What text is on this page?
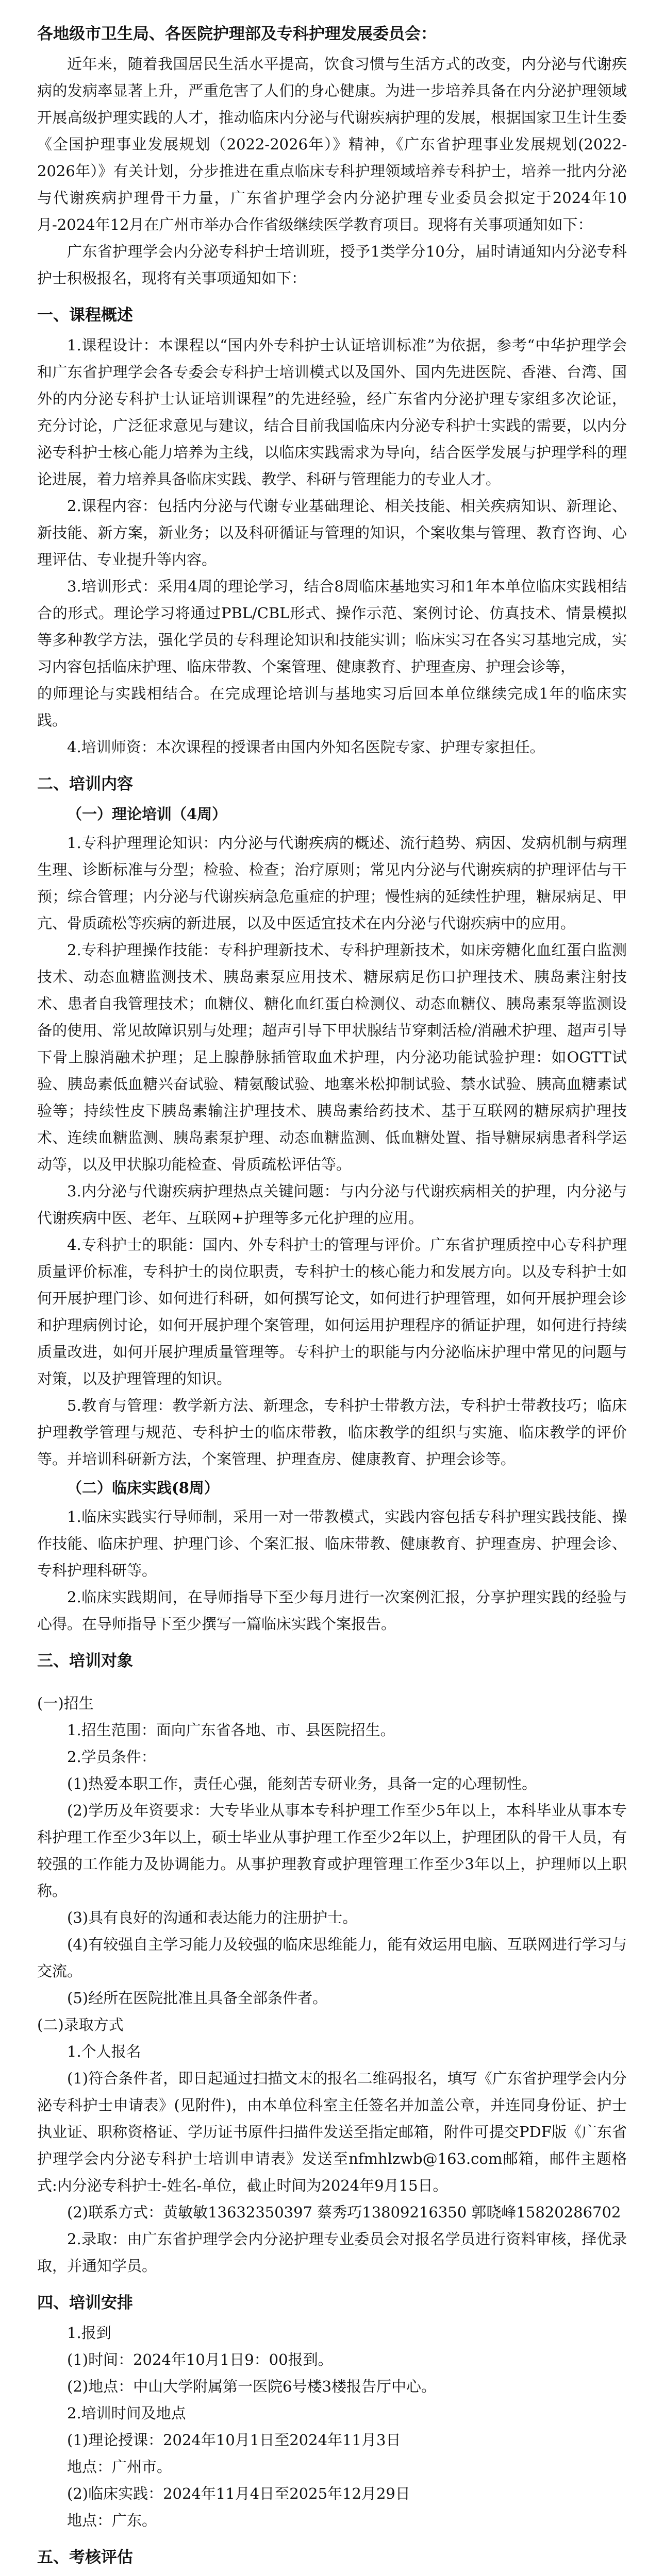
各地级市卫生局、各医院护理部及专科护理发展委员会：

近年来，随着我国居民生活水平提高，饮食习惯与生活方式的改变，内分泌与代谢疾病的发病率显著上升，严重危害了人们的身心健康。为进一步培养具备在内分泌护理领域开展高级护理实践的人才，推动临床内分泌与代谢疾病护理的发展，根据国家卫生计生委《全国护理事业发展规划（2022-2026年）》精神，《广东省护理事业发展规划(2022-2026年）》有关计划，分步推进在重点临床专科护理领域培养专科护士，培养一批内分泌与代谢疾病护理骨干力量，广东省护理学会内分泌护理专业委员会拟定于2024年10月-2024年12月在广州市举办合作省级继续医学教育项目。现将有关事项通知如下：

广东省护理学会内分泌专科护士培训班，授予1类学分10分，届时请通知内分泌专科护士积极报名，现将有关事项通知如下：

一、课程概述

1.课程设计：本课程以“国内外专科护士认证培训标准”为依据，参考“中华护理学会和广东省护理学会各专委会专科护士培训模式以及国外、国内先进医院、香港、台湾、国外的内分泌专科护士认证培训课程”的先进经验，经广东省内分泌护理专家组多次论证，充分讨论，广泛征求意见与建议，结合目前我国临床内分泌专科护士实践的需要，以内分泌专科护士核心能力培养为主线，以临床实践需求为导向，结合医学发展与护理学科的理论进展，着力培养具备临床实践、教学、科研与管理能力的专业人才。

2.课程内容：包括内分泌与代谢专业基础理论、相关技能、相关疾病知识、新理论、新技能、新方案，新业务；以及科研循证与管理的知识，个案收集与管理、教育咨询、心理评估、专业提升等内容。

3.培训形式：采用4周的理论学习，结合8周临床基地实习和1年本单位临床实践相结合的形式。理论学习将通过PBL/CBL形式、操作示范、案例讨论、仿真技术、情景模拟等多种教学方法，强化学员的专科理论知识和技能实训；临床实习在各实习基地完成，实习内容包括临床护理、临床带教、个案管理、健康教育、护理查房、护理会诊等，

的师理论与实践相结合。在完成理论培训与基地实习后回本单位继续完成1年的临床实践。

4.培训师资：本次课程的授课者由国内外知名医院专家、护理专家担任。

二、培训内容

（一）理论培训（4周）

1.专科护理理论知识：内分泌与代谢疾病的概述、流行趋势、病因、发病机制与病理生理、诊断标准与分型；检验、检查；治疗原则；常见内分泌与代谢疾病的护理评估与干预；综合管理；内分泌与代谢疾病急危重症的护理；慢性病的延续性护理，糖尿病足、甲亢、骨质疏松等疾病的新进展，以及中医适宜技术在内分泌与代谢疾病中的应用。

2.专科护理操作技能：专科护理新技术、专科护理新技术，如床旁糖化血红蛋白监测技术、动态血糖监测技术、胰岛素泵应用技术、糖尿病足伤口护理技术、胰岛素注射技术、患者自我管理技术；血糖仪、糖化血红蛋白检测仪、动态血糖仪、胰岛素泵等监测设备的使用、常见故障识别与处理；超声引导下甲状腺结节穿刺活检/消融术护理、超声引导下骨上腺消融术护理；足上腺静脉插管取血术护理，内分泌功能试验护理：如OGTT试验、胰岛素低血糖兴奋试验、精氨酸试验、地塞米松抑制试验、禁水试验、胰高血糖素试验等；持续性皮下胰岛素输注护理技术、胰岛素给药技术、基于互联网的糖尿病护理技术、连续血糖监测、胰岛素泵护理、动态血糖监测、低血糖处置、指导糖尿病患者科学运动等，以及甲状腺功能检查、骨质疏松评估等。

3.内分泌与代谢疾病护理热点关键问题：与内分泌与代谢疾病相关的护理，内分泌与代谢疾病中医、老年、互联网+护理等多元化护理的应用。

4.专科护士的职能：国内、外专科护士的管理与评价。广东省护理质控中心专科护理质量评价标准，专科护士的岗位职责，专科护士的核心能力和发展方向。以及专科护士如何开展护理门诊、如何进行科研，如何撰写论文，如何进行护理管理，如何开展护理会诊和护理病例讨论，如何开展护理个案管理，如何运用护理程序的循证护理，如何进行持续质量改进，如何开展护理质量管理等。专科护士的职能与内分泌临床护理中常见的问题与对策，以及护理管理的知识。

5.教育与管理：教学新方法、新理念，专科护士带教方法，专科护士带教技巧；临床护理教学管理与规范、专科护士的临床带教，临床教学的组织与实施、临床教学的评价等。并培训科研新方法，个案管理、护理查房、健康教育、护理会诊等。

（二）临床实践(8周）

1.临床实践实行导师制，采用一对一带教模式，实践内容包括专科护理实践技能、操作技能、临床护理、护理门诊、个案汇报、临床带教、健康教育、护理查房、护理会诊、专科护理科研等。

2.临床实践期间，在导师指导下至少每月进行一次案例汇报，分享护理实践的经验与心得。在导师指导下至少撰写一篇临床实践个案报告。

三、培训对象

(一)招生

1.招生范围：面向广东省各地、市、县医院招生。

2.学员条件：

(1)热爱本职工作，责任心强，能刻苦专研业务，具备一定的心理韧性。

(2)学历及年资要求：大专毕业从事本专科护理工作至少5年以上，本科毕业从事本专科护理工作至少3年以上，硕士毕业从事护理工作至少2年以上，护理团队的骨干人员，有较强的工作能力及协调能力。从事护理教育或护理管理工作至少3年以上，护理师以上职称。

(3)具有良好的沟通和表达能力的注册护士。

(4)有较强自主学习能力及较强的临床思维能力，能有效运用电脑、互联网进行学习与交流。

(5)经所在医院批准且具备全部条件者。

(二)录取方式

1.个人报名

(1)符合条件者，即日起通过扫描文末的报名二维码报名，填写《广东省护理学会内分泌专科护士申请表》(见附件)，由本单位科室主任签名并加盖公章，并连同身份证、护士执业证、职称资格证、学历证书原件扫描件发送至指定邮箱，附件可提交PDF版《广东省护理学会内分泌专科护士培训申请表》发送至nfmhlzwb@163.com邮箱，邮件主题格式:内分泌专科护士-姓名-单位，截止时间为2024年9月15日。

(2)联系方式：黄敏敏13632350397 蔡秀巧13809216350 郭晓峰15820286702

2.录取：由广东省护理学会内分泌护理专业委员会对报名学员进行资料审核，择优录取，并通知学员。

四、培训安排

1.报到

(1)时间：2024年10月1日9：00报到。

(2)地点：中山大学附属第一医院6号楼3楼报告厅中心。

2.培训时间及地点

(1)理论授课：2024年10月1日至2024年11月3日

地点：广州市。

(2)临床实践：2024年11月4日至2025年12月29日

地点：广东。

五、考核评估
